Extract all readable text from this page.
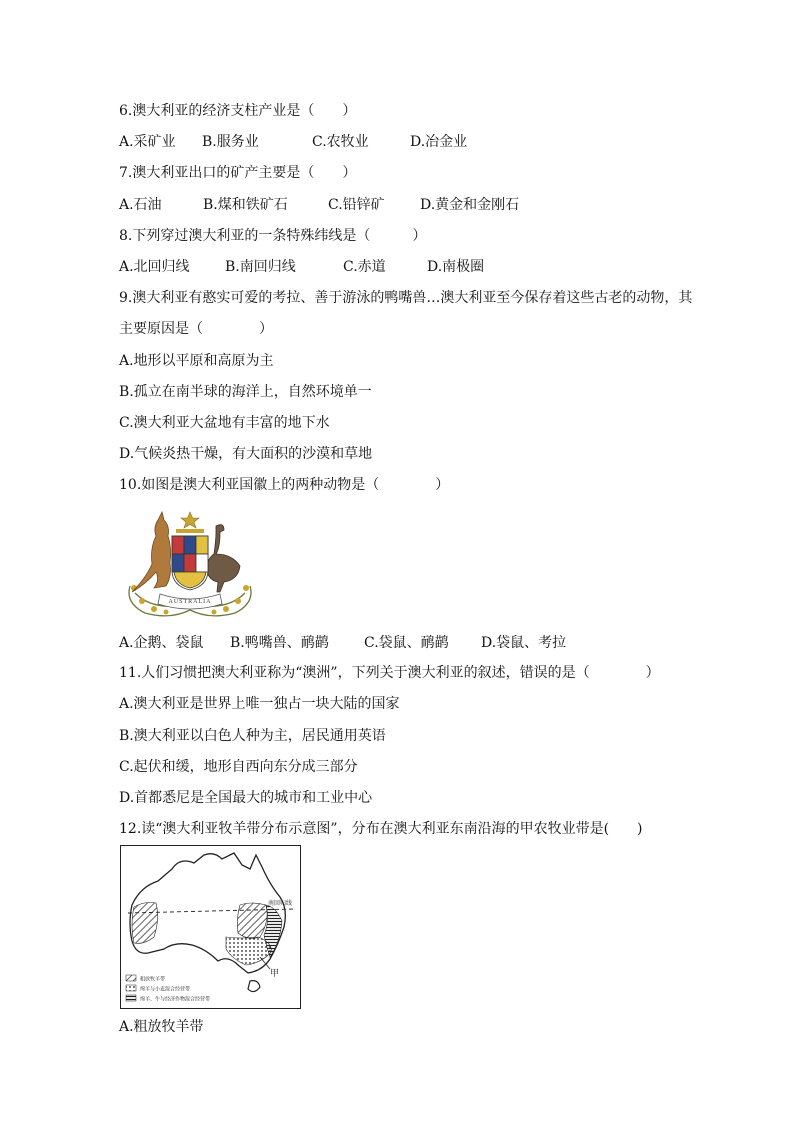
6.澳大利亚的经济支柱产业是（　　）
A.采矿业	B.服务业	C.农牧业	D.冶金业
7.澳大利亚出口的矿产主要是（　　）
A.石油	B.煤和铁矿石	C.铅锌矿	D.黄金和金刚石
8.下列穿过澳大利亚的一条特殊纬线是（　　　）
A.北回归线	B.南回归线	C.赤道	D.南极圈
9.澳大利亚有憨实可爱的考拉、善于游泳的鸭嘴兽…澳大利亚至今保存着这些古老的动物，其
主要原因是（　　　　）
A.地形以平原和高原为主
B.孤立在南半球的海洋上，自然环境单一
C.澳大利亚大盆地有丰富的地下水
D.气候炎热干燥，有大面积的沙漠和草地
10.如图是澳大利亚国徽上的两种动物是（　　　　）
AUSTRALIA
A.企鹅、袋鼠	B.鸭嘴兽、鸸鹋	C.袋鼠、鸸鹋	D.袋鼠、考拉
11.人们习惯把澳大利亚称为“澳洲”，下列关于澳大利亚的叙述，错误的是（　　　　）
A.澳大利亚是世界上唯一独占一块大陆的国家
B.澳大利亚以白色人种为主，居民通用英语
C.起伏和缓，地形自西向东分成三部分
D.首都悉尼是全国最大的城市和工业中心
12.读“澳大利亚牧羊带分布示意图”，分布在澳大利亚东南沿海的甲农牧业带是(　　)
南回归线
甲
粗放牧羊带
绵羊与小麦混合经营带
绵羊、牛与经济作物混合经营带
A.粗放牧羊带
